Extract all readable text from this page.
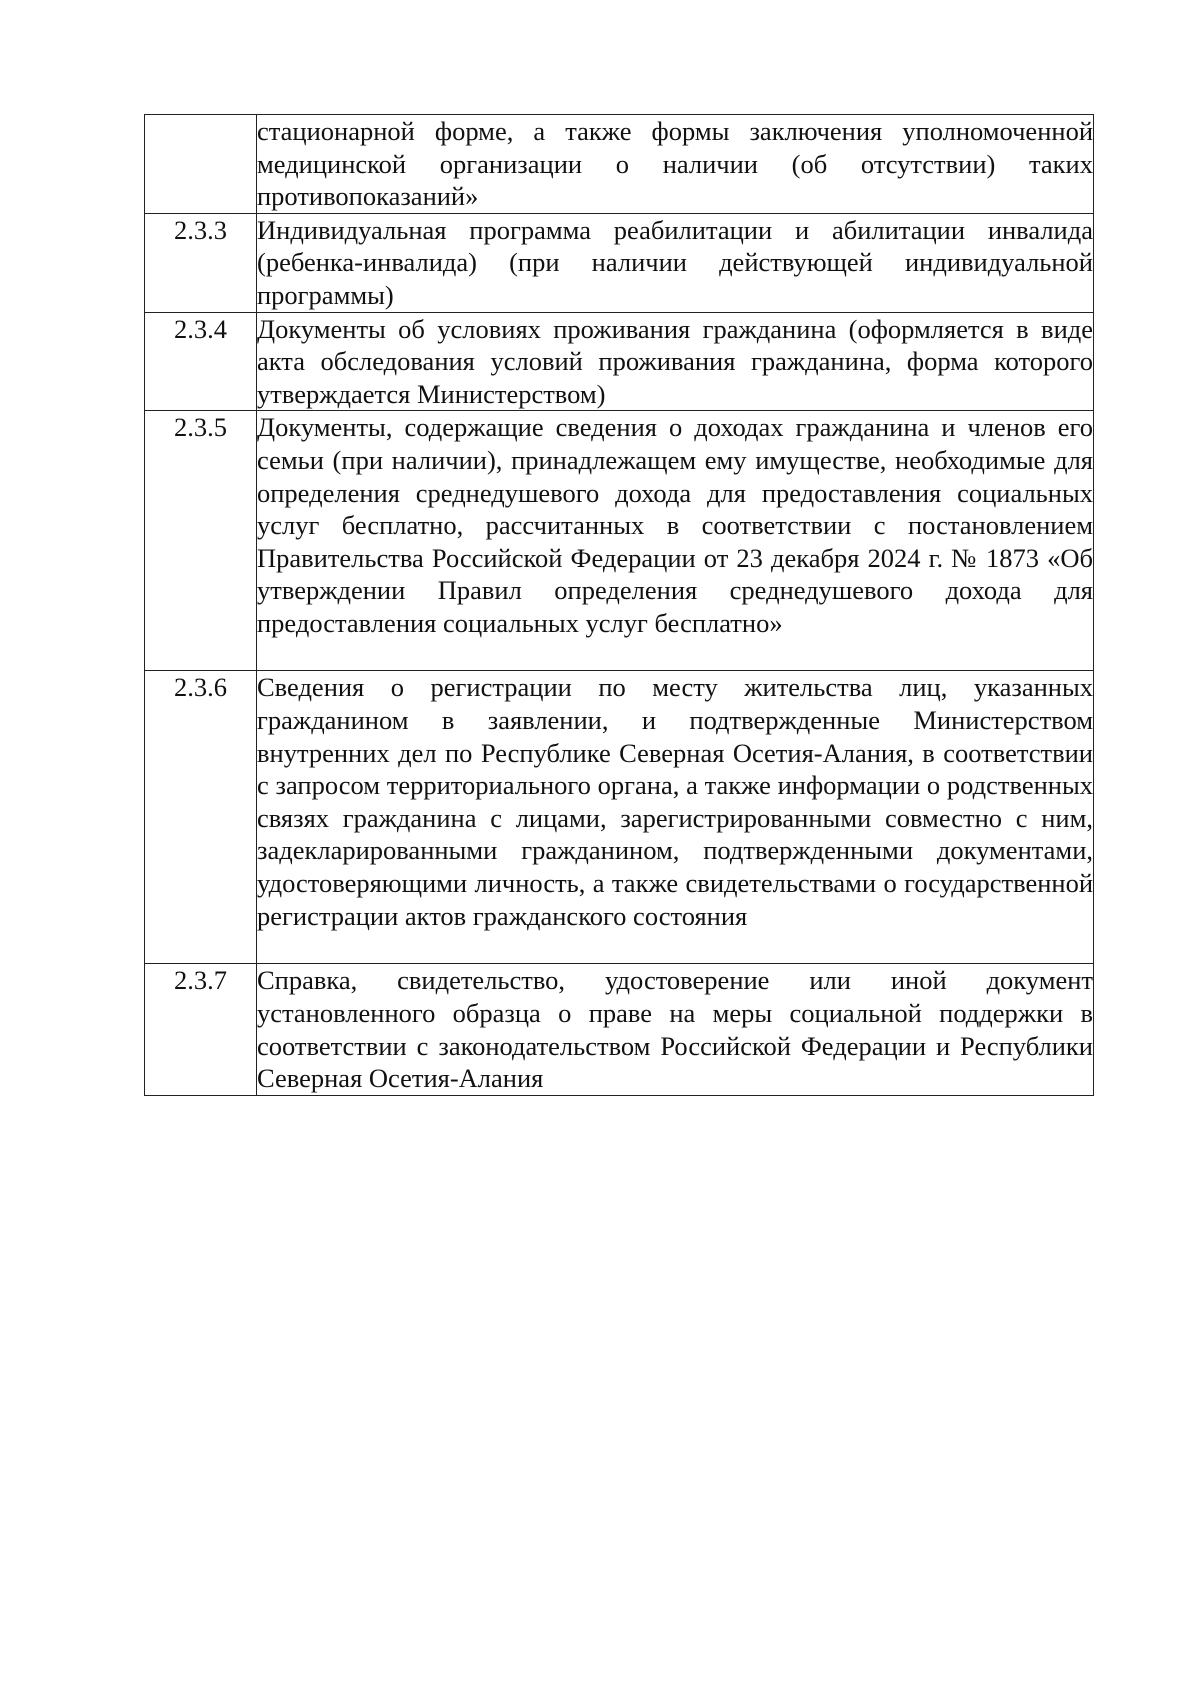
	стационарной форме, а также формы заключения уполномоченной медицинской организации о наличии (об отсутствии) таких противопоказаний»

2.3.3	Индивидуальная программа реабилитации и абилитации инвалида (ребенка-инвалида) (при наличии действующей индивидуальной программы)

2.3.4	Документы об условиях проживания гражданина (оформляется в виде акта обследования условий проживания гражданина, форма которого утверждается Министерством)

2.3.5	Документы, содержащие сведения о доходах гражданина и членов его семьи (при наличии), принадлежащем ему имуществе, необходимые для определения среднедушевого дохода для предоставления социальных услуг бесплатно, рассчитанных в соответствии с постановлением Правительства Российской Федерации от 23 декабря 2024 г. № 1873 «Об утверждении Правил определения среднедушевого дохода для предоставления социальных услуг бесплатно»

2.3.6	Сведения о регистрации по месту жительства лиц, указанных гражданином в заявлении, и подтвержденные Министерством внутренних дел по Республике Северная Осетия-Алания, в соответствии с запросом территориального органа, а также информации о родственных связях гражданина с лицами, зарегистрированными совместно с ним, задекларированными гражданином, подтвержденными документами, удостоверяющими личность, а также свидетельствами о государственной регистрации актов гражданского состояния

2.3.7	Справка, свидетельство, удостоверение или иной документ установленного образца о праве на меры социальной поддержки в соответствии с законодательством Российской Федерации и Республики Северная Осетия-Алания
